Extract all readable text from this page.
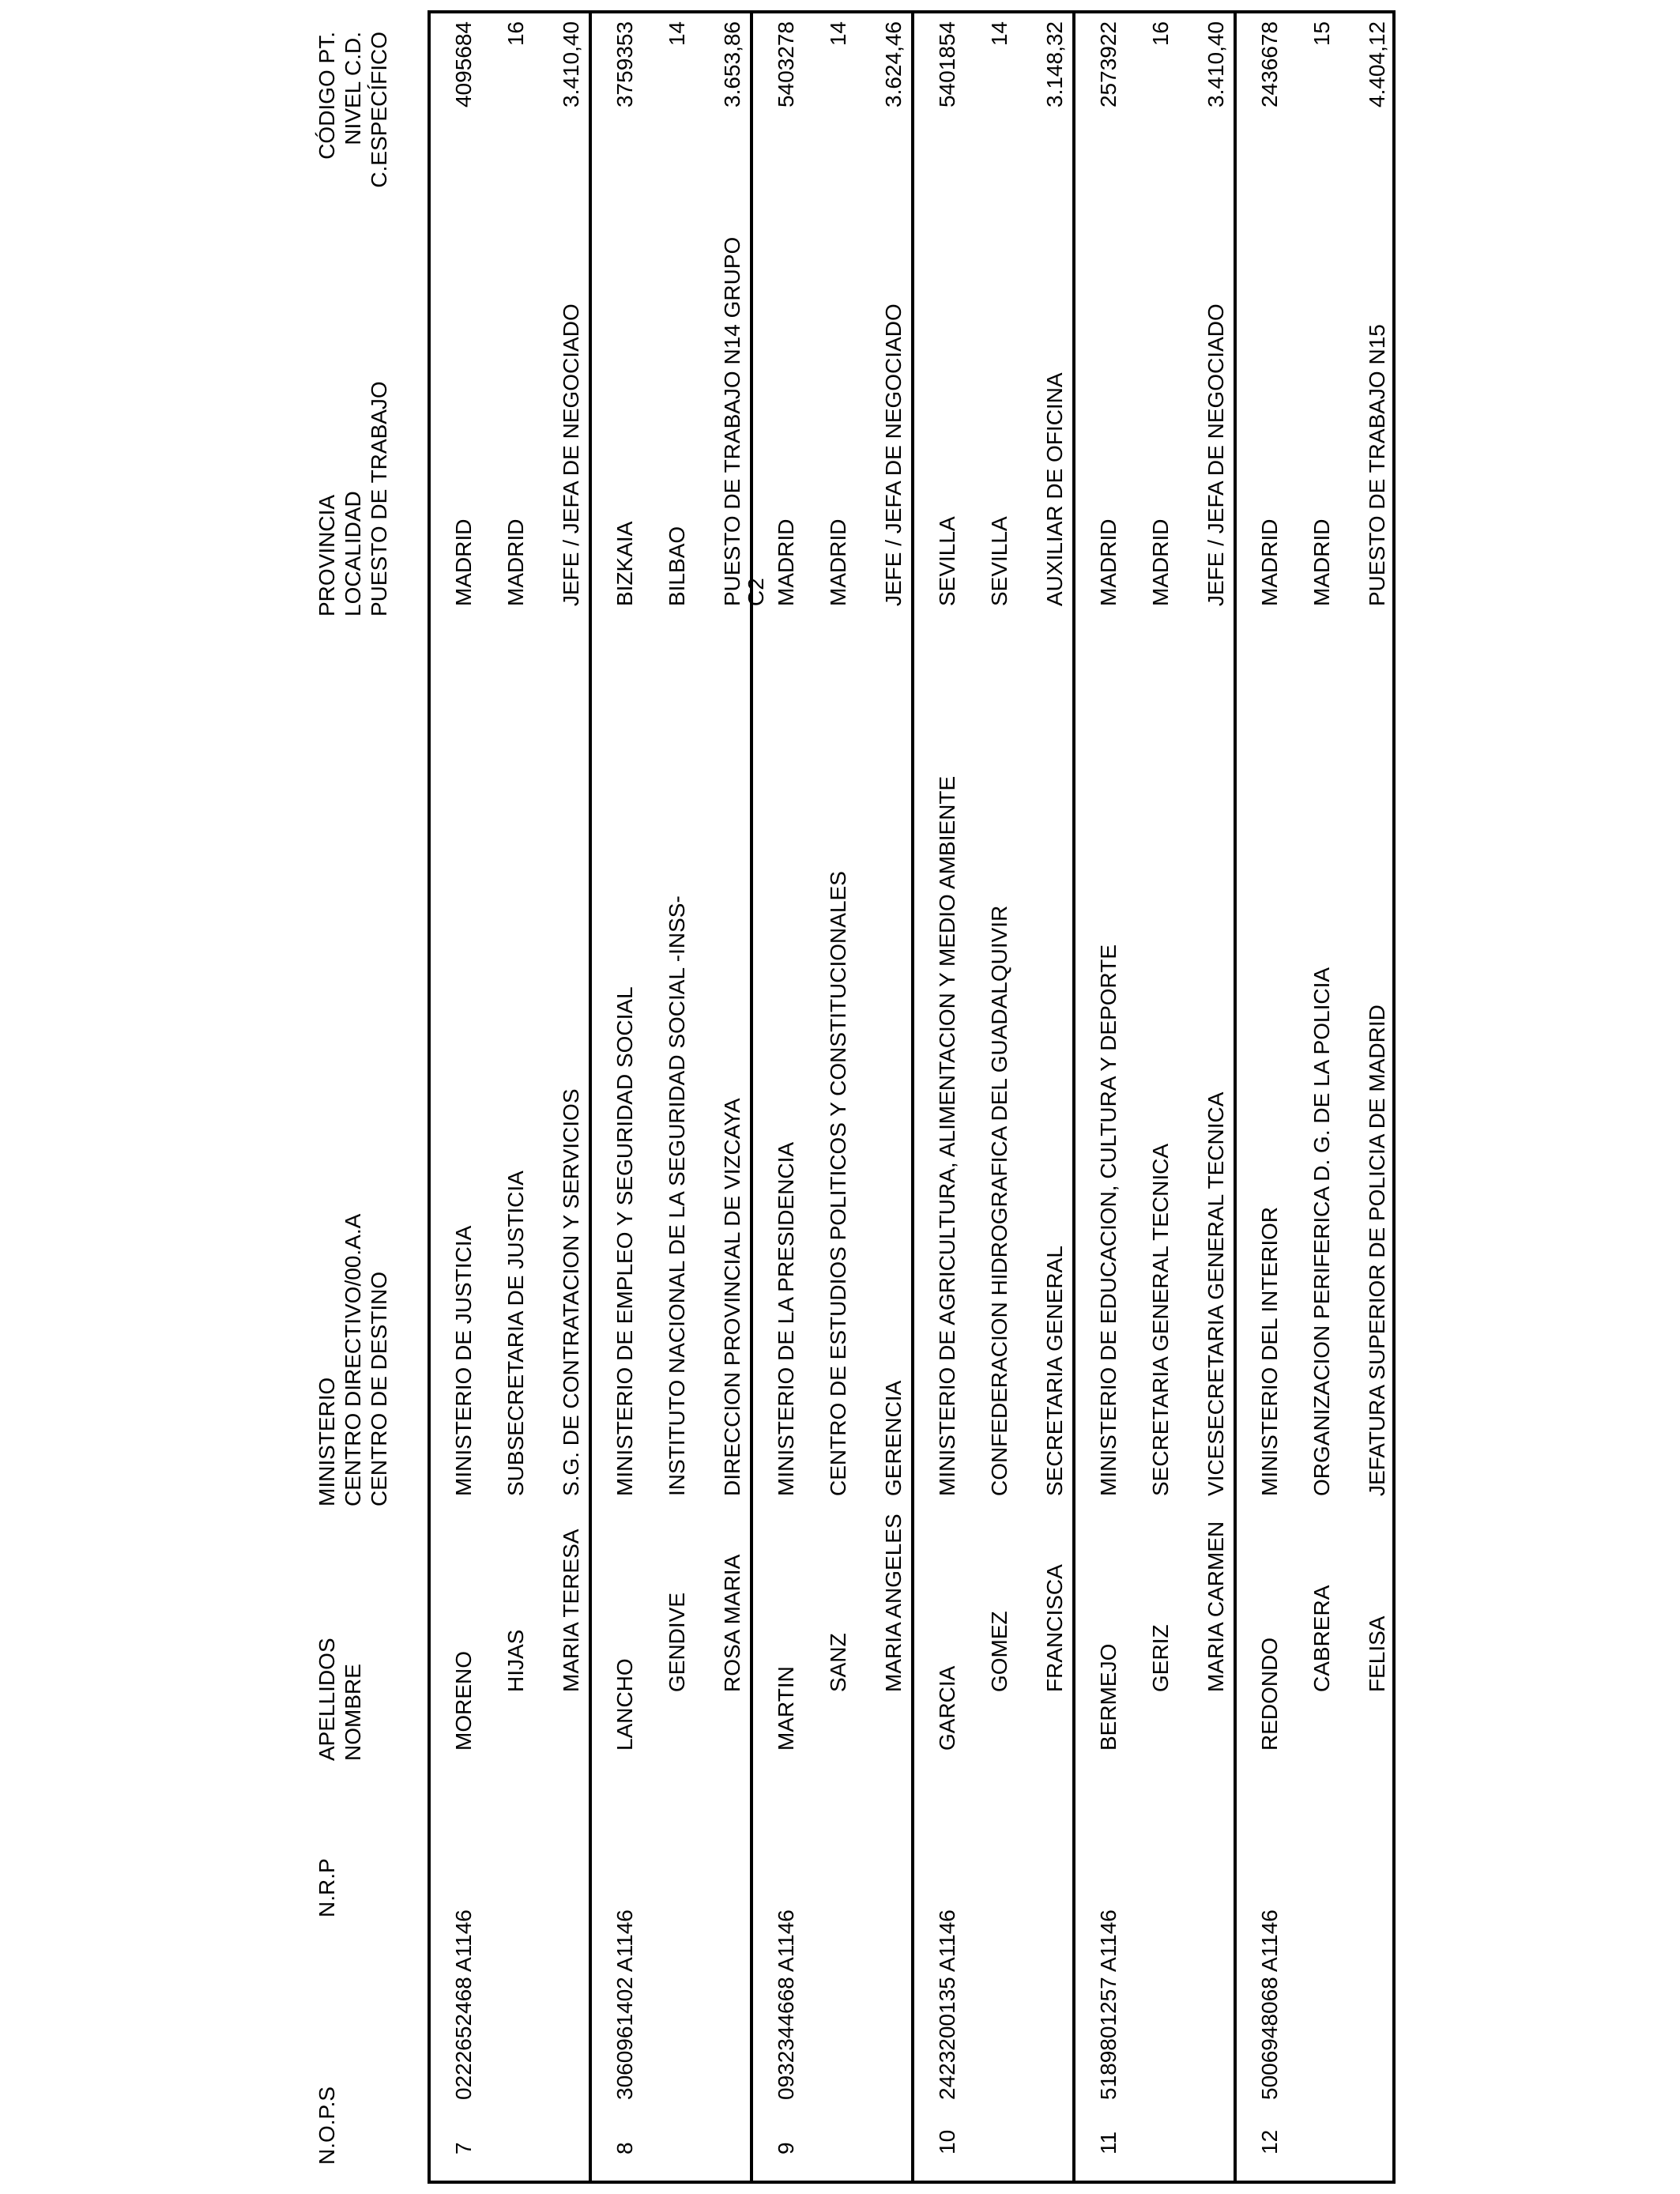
N.O.P.S
N.R.P
APELLIDOS
NOMBRE
MINISTERIO
CENTRO DIRECTIVO/00.A.A
CENTRO DE DESTINO
PROVINCIA
LOCALIDAD
PUESTO DE TRABAJO
CÓDIGO PT.
NIVEL C.D.
C.ESPECÍFICO
7
0222652468 A1146
MORENO HIJAS MARIA TERESA
MINISTERIO DE JUSTICIA SUBSECRETARIA DE JUSTICIA S.G. DE CONTRATACION Y SERVICIOS
MADRID MADRID JEFE / JEFA DE NEGOCIADO
4095684 16 3.410,40
8
3060961402 A1146
LANCHO
GENDIVE ROSA MARIA
MINISTERIO DE EMPLEO Y SEGURIDAD SOCIAL INSTITUTO NACIONAL DE LA SEGURIDAD SOCIAL -INSS- DIRECCION PROVINCIAL DE VIZCAYA
BIZKAIA BILBAO PUESTO DE TRABAJO N14 GRUPO
3759353 14 3.653,86
C2
9
0932344668 A1146
MARTIN
SANZ MARIA ANGELES
MINISTERIO DE LA PRESIDENCIA CENTRO DE ESTUDIOS POLITICOS Y CONSTITUCIONALES GERENCIA
MADRID MADRID JEFE / JEFA DE NEGOCIADO
5403278 14 3.624,46
10
2423200135 A1146
GARCIA
GOMEZ FRANCISCA
MINISTERIO DE AGRICULTURA, ALIMENTACION Y MEDIO AMBIENTE CONFEDERACION HIDROGRAFICA DEL GUADALQUIVIR SECRETARIA GENERAL
SEVILLA SEVILLA AUXILIAR DE OFICINA
5401854 14 3.148,32
11
5189801257 A1146
BERMEJO GERIZ MARIA CARMEN
MINISTERIO DE EDUCACION, CULTURA Y DEPORTE SECRETARIA GENERAL TECNICA VICESECRETARIA GENERAL TECNICA
MADRID MADRID JEFE / JEFA DE NEGOCIADO
2573922 16 3.410,40
12
5006948068 A1146
REDONDO CABRERA FELISA
MINISTERIO DEL INTERIOR ORGANIZACION PERIFERICA D. G. DE LA POLICIA JEFATURA SUPERIOR DE POLICIA DE MADRID
MADRID MADRID PUESTO DE TRABAJO N15
2436678 15 4.404,12
